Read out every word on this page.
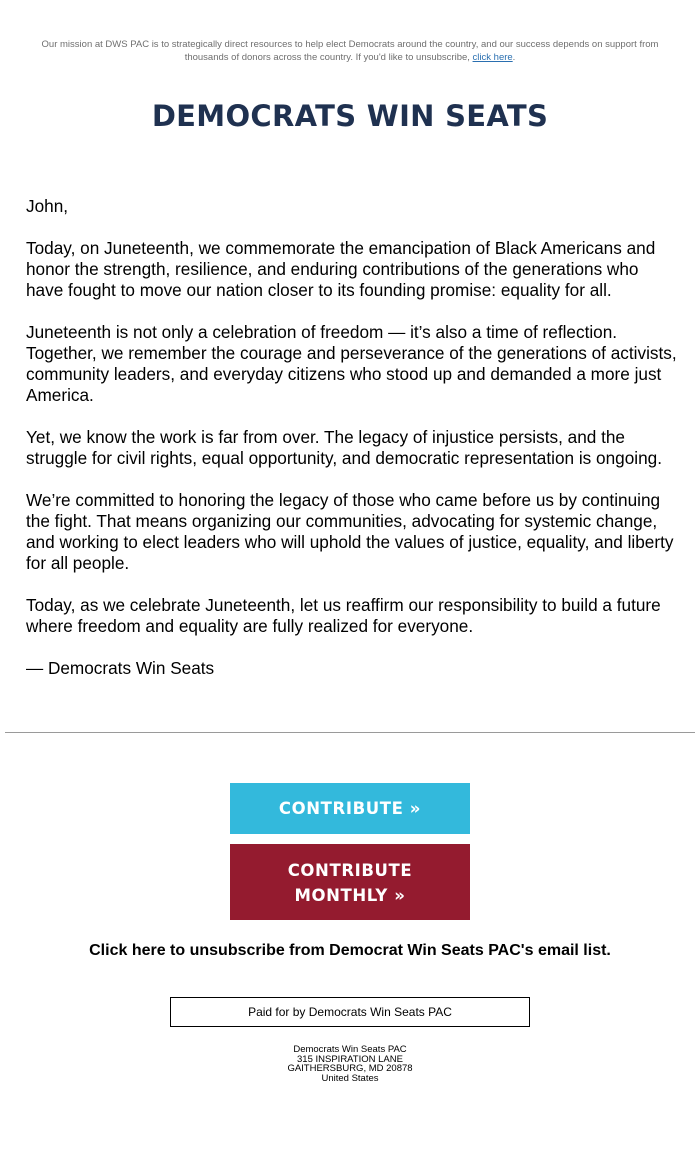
Our mission at DWS PAC is to strategically direct resources to help elect Democrats around the country, and our success depends on support from thousands of donors across the country. If you'd like to unsubscribe, click here.
DEMOCRATS WIN SEATS

John,

Today, on Juneteenth, we commemorate the emancipation of Black Americans and honor the strength, resilience, and enduring contributions of the generations who have fought to move our nation closer to its founding promise: equality for all.

Juneteenth is not only a celebration of freedom — it’s also a time of reflection. Together, we remember the courage and perseverance of the generations of activists, community leaders, and everyday citizens who stood up and demanded a more just America.

Yet, we know the work is far from over. The legacy of injustice persists, and the struggle for civil rights, equal opportunity, and democratic representation is ongoing.

We’re committed to honoring the legacy of those who came before us by continuing the fight. That means organizing our communities, advocating for systemic change, and working to elect leaders who will uphold the values of justice, equality, and liberty for all people.

Today, as we celebrate Juneteenth, let us reaffirm our responsibility to build a future where freedom and equality are fully realized for everyone.

— Democrats Win Seats

CONTRIBUTE »
CONTRIBUTE
MONTHLY »
Click here to unsubscribe from Democrat Win Seats PAC's email list.
Paid for by Democrats Win Seats PAC
Democrats Win Seats PAC
315 INSPIRATION LANE
GAITHERSBURG, MD 20878
United States
